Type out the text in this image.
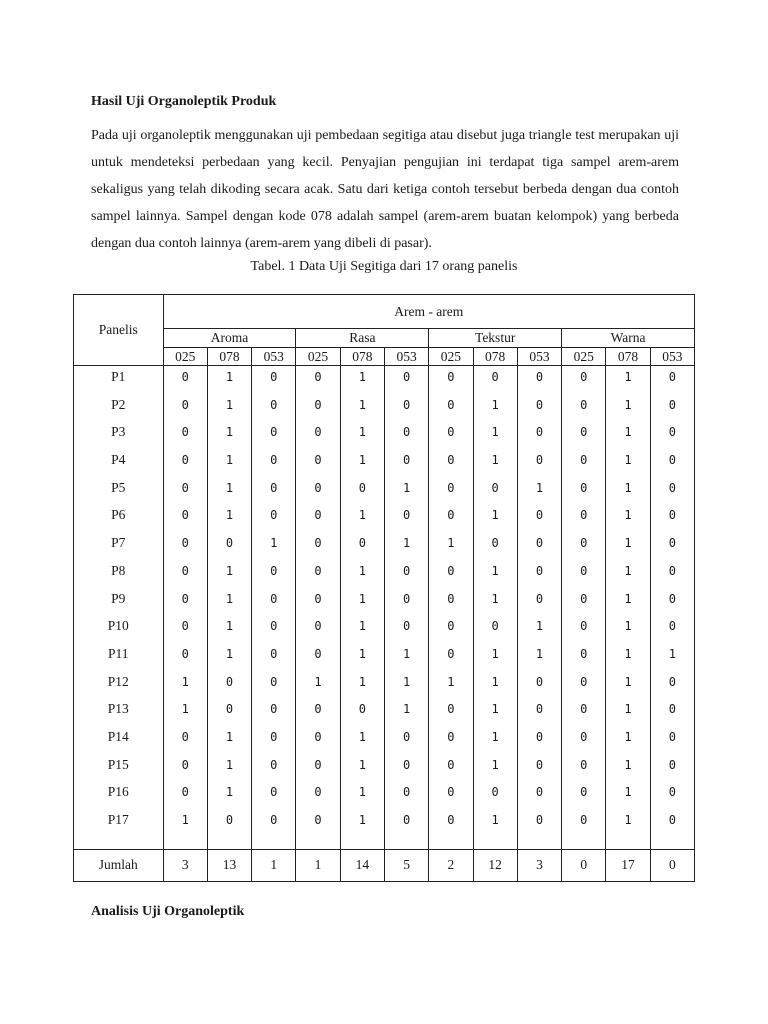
Hasil Uji Organoleptik Produk

Pada uji organoleptik menggunakan uji pembedaan segitiga atau disebut juga triangle test merupakan uji untuk mendeteksi perbedaan yang kecil. Penyajian pengujian ini terdapat tiga sampel arem-arem sekaligus yang telah dikoding secara acak. Satu dari ketiga contoh tersebut berbeda dengan dua contoh sampel lainnya. Sampel dengan kode 078 adalah sampel (arem-arem buatan kelompok) yang berbeda dengan dua contoh lainnya (arem-arem yang dibeli di pasar).

Tabel. 1 Data Uji Segitiga dari 17 orang panelis

Panelis	Arem - arem											
	Aroma			Rasa			Tekstur			Warna		
	025	078	053	025	078	053	025	078	053	025	078	053
P1	0	1	0	0	1	0	0	0	0	0	1	0
P2	0	1	0	0	1	0	0	1	0	0	1	0
P3	0	1	0	0	1	0	0	1	0	0	1	0
P4	0	1	0	0	1	0	0	1	0	0	1	0
P5	0	1	0	0	0	1	0	0	1	0	1	0
P6	0	1	0	0	1	0	0	1	0	0	1	0
P7	0	0	1	0	0	1	1	0	0	0	1	0
P8	0	1	0	0	1	0	0	1	0	0	1	0
P9	0	1	0	0	1	0	0	1	0	0	1	0
P10	0	1	0	0	1	0	0	0	1	0	1	0
P11	0	1	0	0	1	1	0	1	1	0	1	1
P12	1	0	0	1	1	1	1	1	0	0	1	0
P13	1	0	0	0	0	1	0	1	0	0	1	0
P14	0	1	0	0	1	0	0	1	0	0	1	0
P15	0	1	0	0	1	0	0	1	0	0	1	0
P16	0	1	0	0	1	0	0	0	0	0	1	0
P17	1	0	0	0	1	0	0	1	0	0	1	0

Jumlah	3	13	1	1	14	5	2	12	3	0	17	0
Analisis Uji Organoleptik
